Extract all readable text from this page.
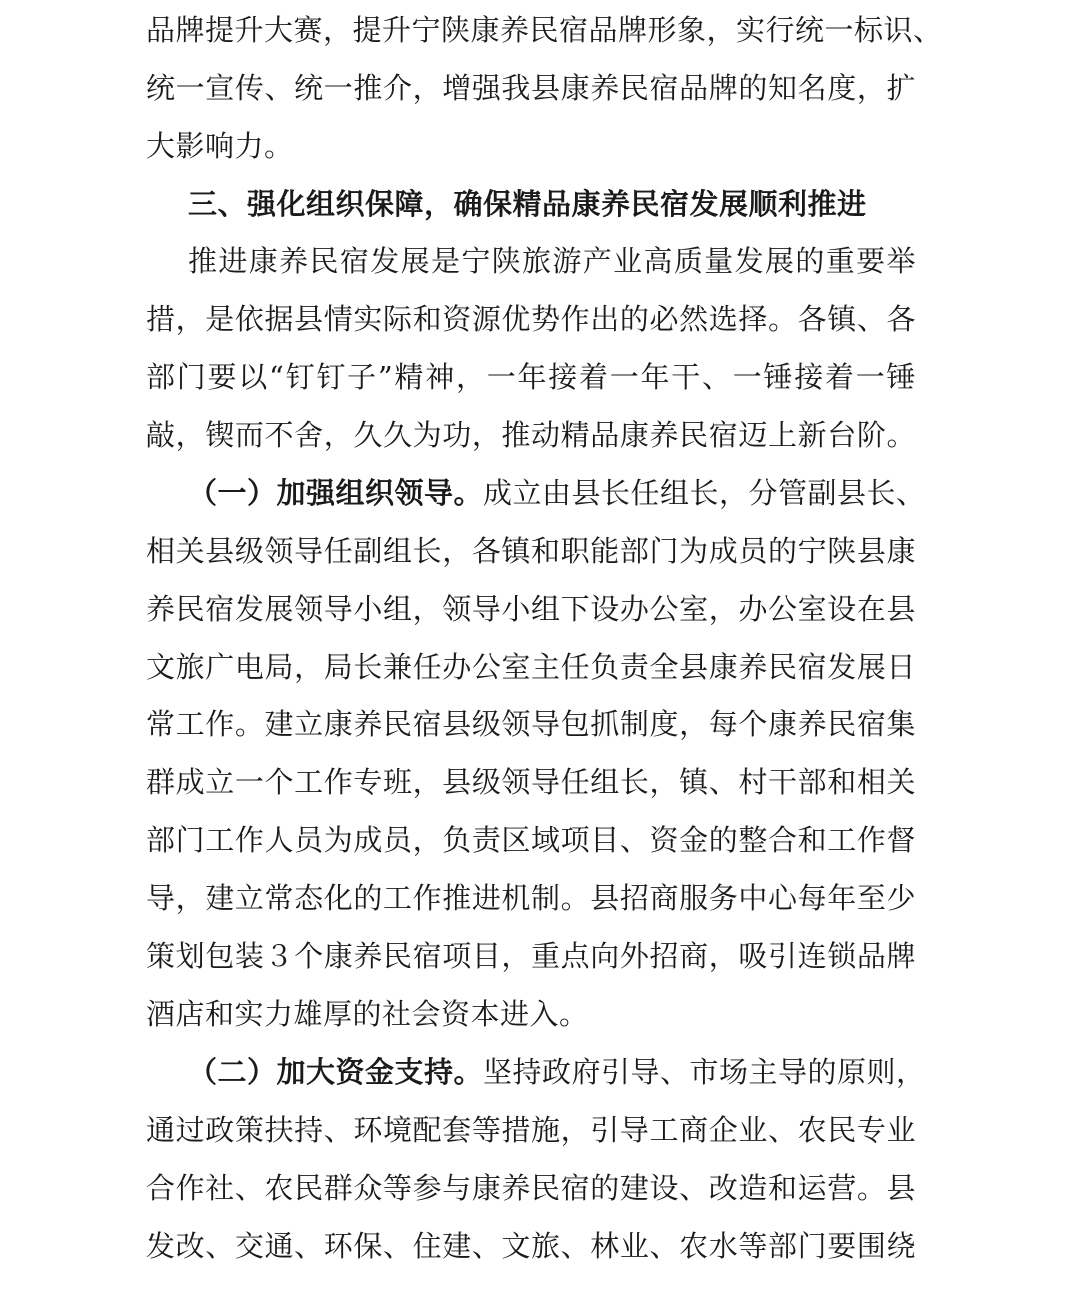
品牌提升大赛，提升宁陕康养民宿品牌形象，实行统一标识、
统一宣传、统一推介，增强我县康养民宿品牌的知名度，扩
大影响力。
三、强化组织保障，确保精品康养民宿发展顺利推进
推进康养民宿发展是宁陕旅游产业高质量发展的重要举
措，是依据县情实际和资源优势作出的必然选择。各镇、各
部门要以“钉钉子”精神，一年接着一年干、一锤接着一锤
敲，锲而不舍，久久为功，推动精品康养民宿迈上新台阶。
（一）加强组织领导。成立由县长任组长，分管副县长、
相关县级领导任副组长，各镇和职能部门为成员的宁陕县康
养民宿发展领导小组，领导小组下设办公室，办公室设在县
文旅广电局，局长兼任办公室主任负责全县康养民宿发展日
常工作。建立康养民宿县级领导包抓制度，每个康养民宿集
群成立一个工作专班，县级领导任组长，镇、村干部和相关
部门工作人员为成员，负责区域项目、资金的整合和工作督
导，建立常态化的工作推进机制。县招商服务中心每年至少
策划包装３个康养民宿项目，重点向外招商，吸引连锁品牌
酒店和实力雄厚的社会资本进入。
（二）加大资金支持。坚持政府引导、市场主导的原则，
通过政策扶持、环境配套等措施，引导工商企业、农民专业
合作社、农民群众等参与康养民宿的建设、改造和运营。县
发改、交通、环保、住建、文旅、林业、农水等部门要围绕
